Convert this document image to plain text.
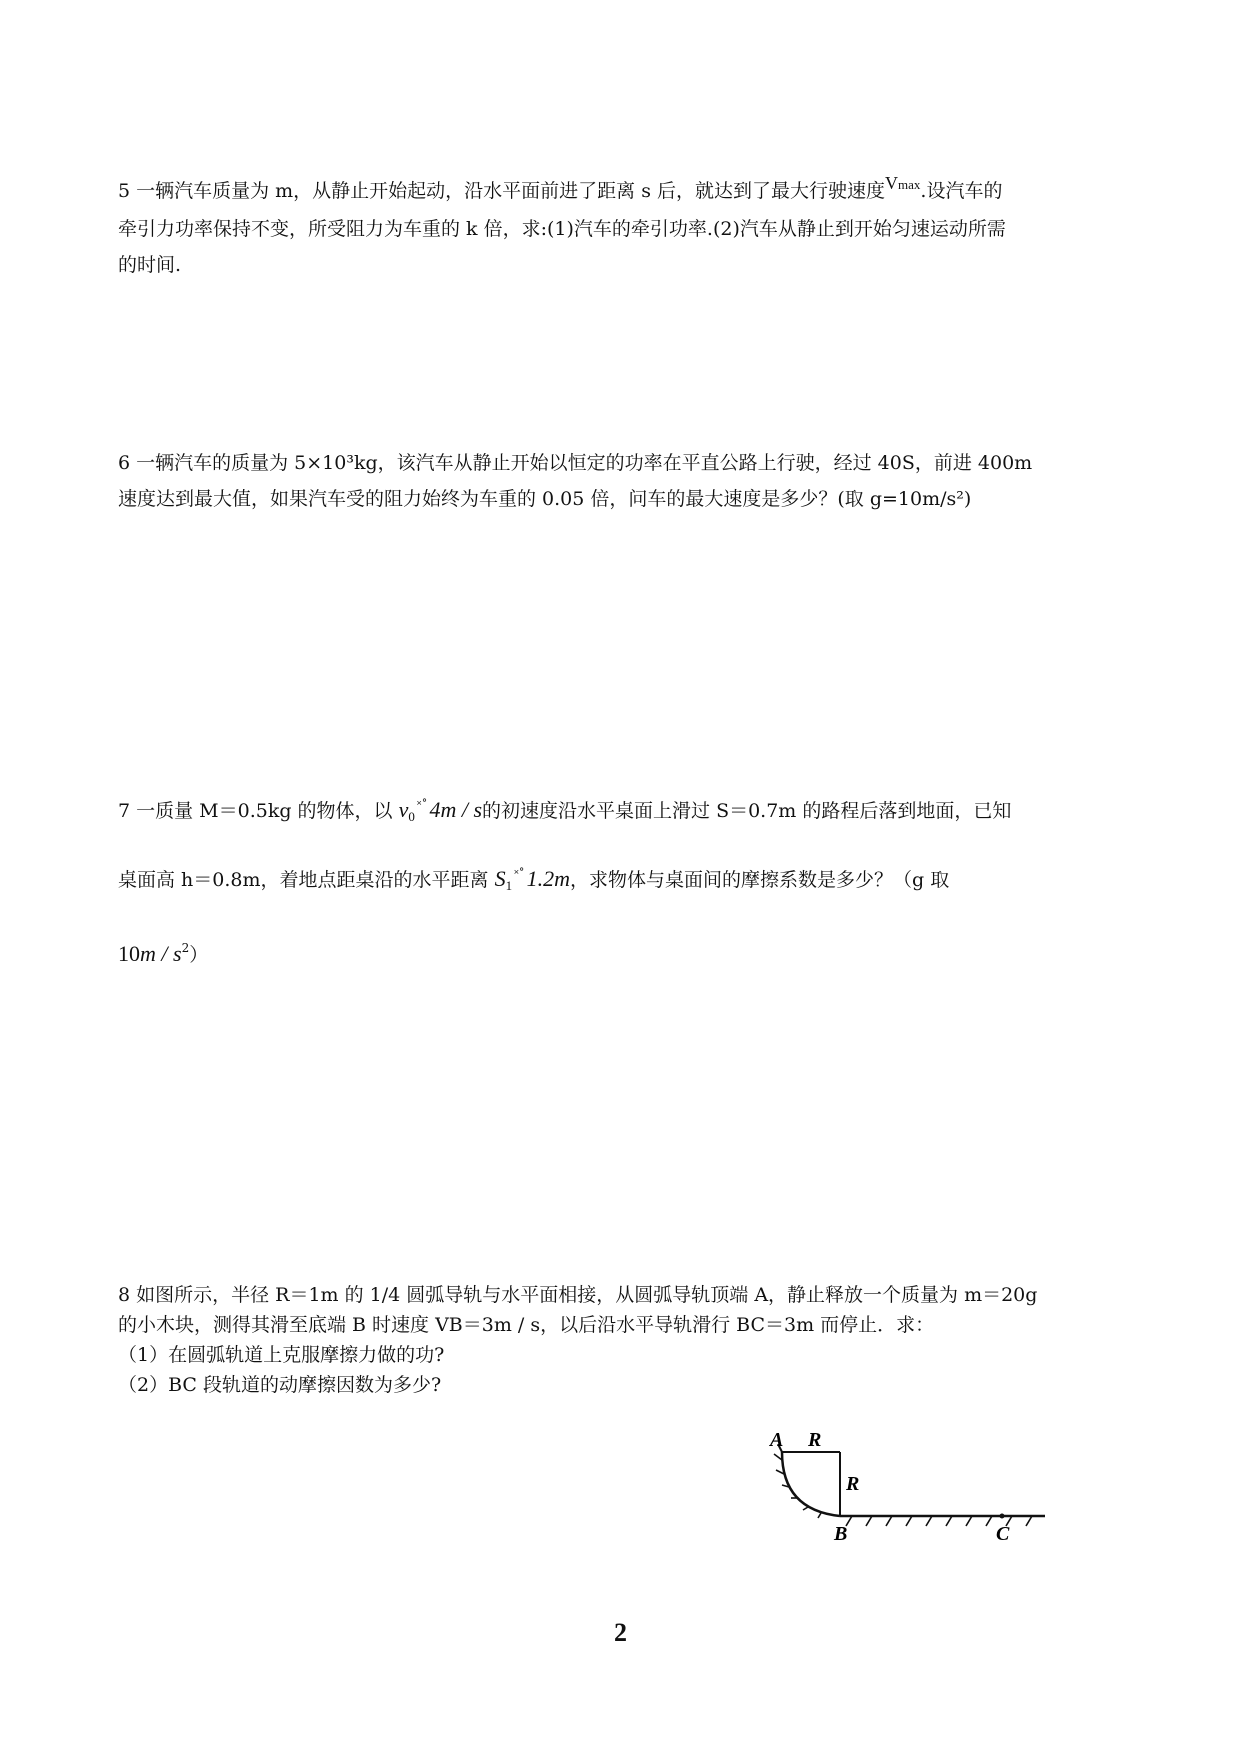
5 一辆汽车质量为 m，从静止开始起动，沿水平面前进了距离 s 后，就达到了最大行驶速度Vmax.设汽车的
牵引力功率保持不变，所受阻力为车重的 k 倍，求:(1)汽车的牵引功率.(2)汽车从静止到开始匀速运动所需
的时间.
6 一辆汽车的质量为 5×10³kg，该汽车从静止开始以恒定的功率在平直公路上行驶，经过 40S，前进 400m
速度达到最大值，如果汽车受的阻力始终为车重的 0.05 倍，问车的最大速度是多少？(取 g=10m/s²)
7 一质量 M＝0.5kg 的物体，以 $v_0^{˟˚}4m$ / s的初速度沿水平桌面上滑过 S＝0.7m 的路程后落到地面，已知
桌面高 h＝0.8m，着地点距桌沿的水平距离 $S_1^{˟˚}1.2m$，求物体与桌面间的摩擦系数是多少？（g 取
$10m / s^2$）
8 如图所示，半径 R＝1m 的 1/4 圆弧导轨与水平面相接，从圆弧导轨顶端 A，静止释放一个质量为 m＝20g
的小木块，测得其滑至底端 B 时速度 VB＝3m / s，以后沿水平导轨滑行 BC＝3m 而停止．求：
（1）在圆弧轨道上克服摩擦力做的功?
（2）BC 段轨道的动摩擦因数为多少?
A R
R
B	C
2
